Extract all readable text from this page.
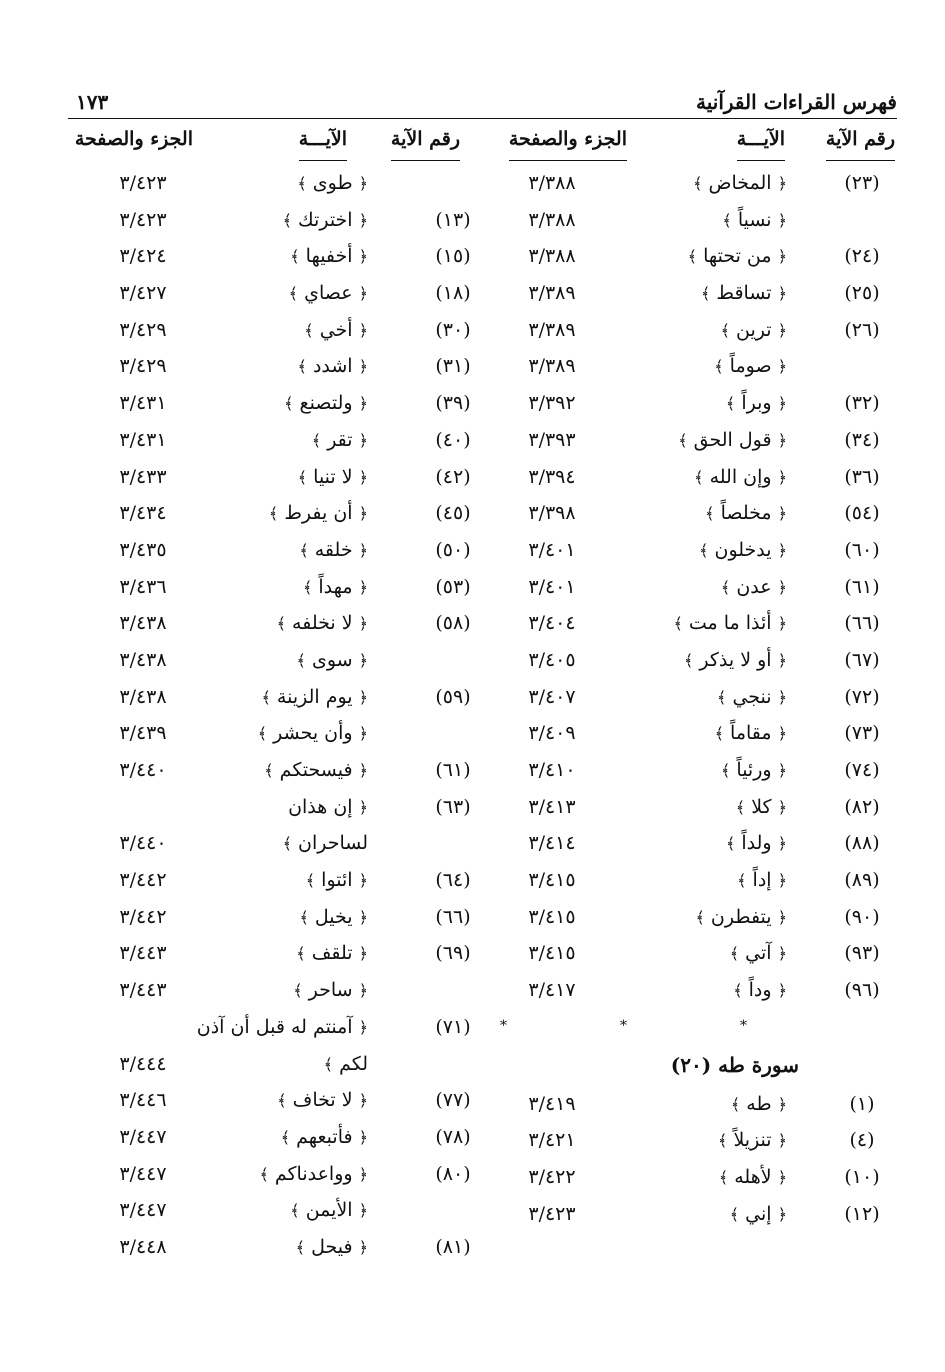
فهرس القراءات القرآنية
١٧٣
رقم الآية
الآيـــة
الجزء والصفحة
رقم الآية
الآيـــة
الجزء والصفحة
(٢٣)
﴿ المخاض ﴾
٣/٣٨٨
﴿ نسياً ﴾
٣/٣٨٨
(٢٤)
﴿ من تحتها ﴾
٣/٣٨٨
(٢٥)
﴿ تساقط ﴾
٣/٣٨٩
(٢٦)
﴿ ترين ﴾
٣/٣٨٩
﴿ صوماً ﴾
٣/٣٨٩
(٣٢)
﴿ وبراً ﴾
٣/٣٩٢
(٣٤)
﴿ قول الحق ﴾
٣/٣٩٣
(٣٦)
﴿ وإن الله ﴾
٣/٣٩٤
(٥٤)
﴿ مخلصاً ﴾
٣/٣٩٨
(٦٠)
﴿ يدخلون ﴾
٣/٤٠١
(٦١)
﴿ عدن ﴾
٣/٤٠١
(٦٦)
﴿ أئذا ما مت ﴾
٣/٤٠٤
(٦٧)
﴿ أو لا يذكر ﴾
٣/٤٠٥
(٧٢)
﴿ ننجي ﴾
٣/٤٠٧
(٧٣)
﴿ مقاماً ﴾
٣/٤٠٩
(٧٤)
﴿ ورئياً ﴾
٣/٤١٠
(٨٢)
﴿ كلا ﴾
٣/٤١٣
(٨٨)
﴿ ولداً ﴾
٣/٤١٤
(٨٩)
﴿ إداً ﴾
٣/٤١٥
(٩٠)
﴿ يتفطرن ﴾
٣/٤١٥
(٩٣)
﴿ آتي ﴾
٣/٤١٥
(٩٦)
﴿ وداً ﴾
٣/٤١٧
*
*
*
سورة طه (٢٠)
(١)
﴿ طه ﴾
٣/٤١٩
(٤)
﴿ تنزيلاً ﴾
٣/٤٢١
(١٠)
﴿ لأهله ﴾
٣/٤٢٢
(١٢)
﴿ إني ﴾
٣/٤٢٣
﴿ طوى ﴾
٣/٤٢٣
(١٣)
﴿ اخترتك ﴾
٣/٤٢٣
(١٥)
﴿ أخفيها ﴾
٣/٤٢٤
(١٨)
﴿ عصاي ﴾
٣/٤٢٧
(٣٠)
﴿ أخي ﴾
٣/٤٢٩
(٣١)
﴿ اشدد ﴾
٣/٤٢٩
(٣٩)
﴿ ولتصنع ﴾
٣/٤٣١
(٤٠)
﴿ تقر ﴾
٣/٤٣١
(٤٢)
﴿ لا تنيا ﴾
٣/٤٣٣
(٤٥)
﴿ أن يفرط ﴾
٣/٤٣٤
(٥٠)
﴿ خلقه ﴾
٣/٤٣٥
(٥٣)
﴿ مهداً ﴾
٣/٤٣٦
(٥٨)
﴿ لا نخلفه ﴾
٣/٤٣٨
﴿ سوى ﴾
٣/٤٣٨
(٥٩)
﴿ يوم الزينة ﴾
٣/٤٣٨
﴿ وأن يحشر ﴾
٣/٤٣٩
(٦١)
﴿ فيسحتكم ﴾
٣/٤٤٠
(٦٣)
﴿ إن هذان
لساحران ﴾
٣/٤٤٠
(٦٤)
﴿ ائتوا ﴾
٣/٤٤٢
(٦٦)
﴿ يخيل ﴾
٣/٤٤٢
(٦٩)
﴿ تلقف ﴾
٣/٤٤٣
﴿ ساحر ﴾
٣/٤٤٣
(٧١)
﴿ آمنتم له قبل أن آذن
لكم ﴾
٣/٤٤٤
(٧٧)
﴿ لا تخاف ﴾
٣/٤٤٦
(٧٨)
﴿ فأتبعهم ﴾
٣/٤٤٧
(٨٠)
﴿ وواعدناكم ﴾
٣/٤٤٧
﴿ الأيمن ﴾
٣/٤٤٧
(٨١)
﴿ فيحل ﴾
٣/٤٤٨
